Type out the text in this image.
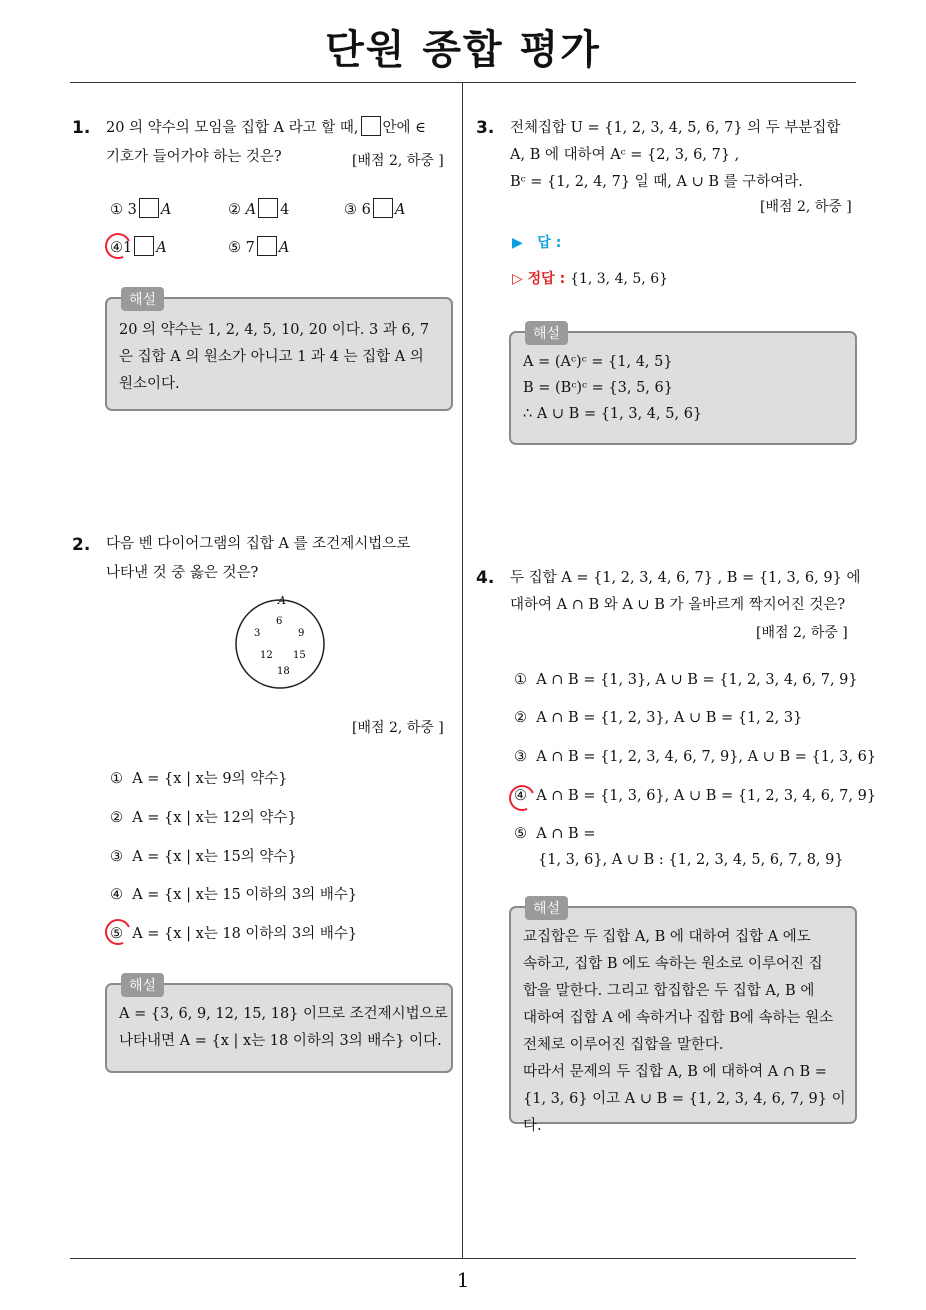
단원 종합 평가
1
1. 20 의 약수의 모임을 집합 A 라고 할 때, 안에 ∈
기호가 들어가야 하는 것은?	[배점 2, 하중 ]
① 3 A	② A 4	③ 6 A
④1 A	⑤ 7 A
해설
20 의 약수는 1, 2, 4, 5, 10, 20 이다. 3 과 6, 7
은 집합 A 의 원소가 아니고 1 과 4 는 집합 A 의
원소이다.
2. 다음 벤 다이어그램의 집합 A 를 조건제시법으로
나타낸 것 중 옳은 것은?
A
6
3	9
12 15
18
[배점 2, 하중 ]
① A = {x | x는 9의 약수}
② A = {x | x는 12의 약수}
③ A = {x | x는 15의 약수}
④ A = {x | x는 15 이하의 3의 배수}
⑤ A = {x | x는 18 이하의 3의 배수}
해설
A = {3, 6, 9, 12, 15, 18} 이므로 조건제시법으로
나타내면 A = {x | x는 18 이하의 3의 배수} 이다.
3. 전체집합 U = {1, 2, 3, 4, 5, 6, 7} 의 두 부분집합
A, B 에 대하여 Aᶜ = {2, 3, 6, 7} ,
Bᶜ = {1, 2, 4, 7} 일 때, A ∪ B 를 구하여라.
[배점 2, 하중 ]
▶ 답 :
▷ 정답 : {1, 3, 4, 5, 6}
해설
A = (Aᶜ)ᶜ = {1, 4, 5}
B = (Bᶜ)ᶜ = {3, 5, 6}
∴ A ∪ B = {1, 3, 4, 5, 6}
4. 두 집합 A = {1, 2, 3, 4, 6, 7} , B = {1, 3, 6, 9} 에
대하여 A ∩ B 와 A ∪ B 가 올바르게 짝지어진 것은?
[배점 2, 하중 ]
① A ∩ B = {1, 3}, A ∪ B = {1, 2, 3, 4, 6, 7, 9}
② A ∩ B = {1, 2, 3}, A ∪ B = {1, 2, 3}
③ A ∩ B = {1, 2, 3, 4, 6, 7, 9}, A ∪ B = {1, 3, 6}
④ A ∩ B = {1, 3, 6}, A ∪ B = {1, 2, 3, 4, 6, 7, 9}
⑤ A ∩ B =
{1, 3, 6}, A ∪ B : {1, 2, 3, 4, 5, 6, 7, 8, 9}
해설
교집합은 두 집합 A, B 에 대하여 집합 A 에도
속하고, 집합 B 에도 속하는 원소로 이루어진 집
합을 말한다. 그리고 합집합은 두 집합 A, B 에
대하여 집합 A 에 속하거나 집합 B에 속하는 원소
전체로 이루어진 집합을 말한다.
따라서 문제의 두 집합 A, B 에 대하여 A ∩ B =
{1, 3, 6} 이고 A ∪ B = {1, 2, 3, 4, 6, 7, 9} 이다.
